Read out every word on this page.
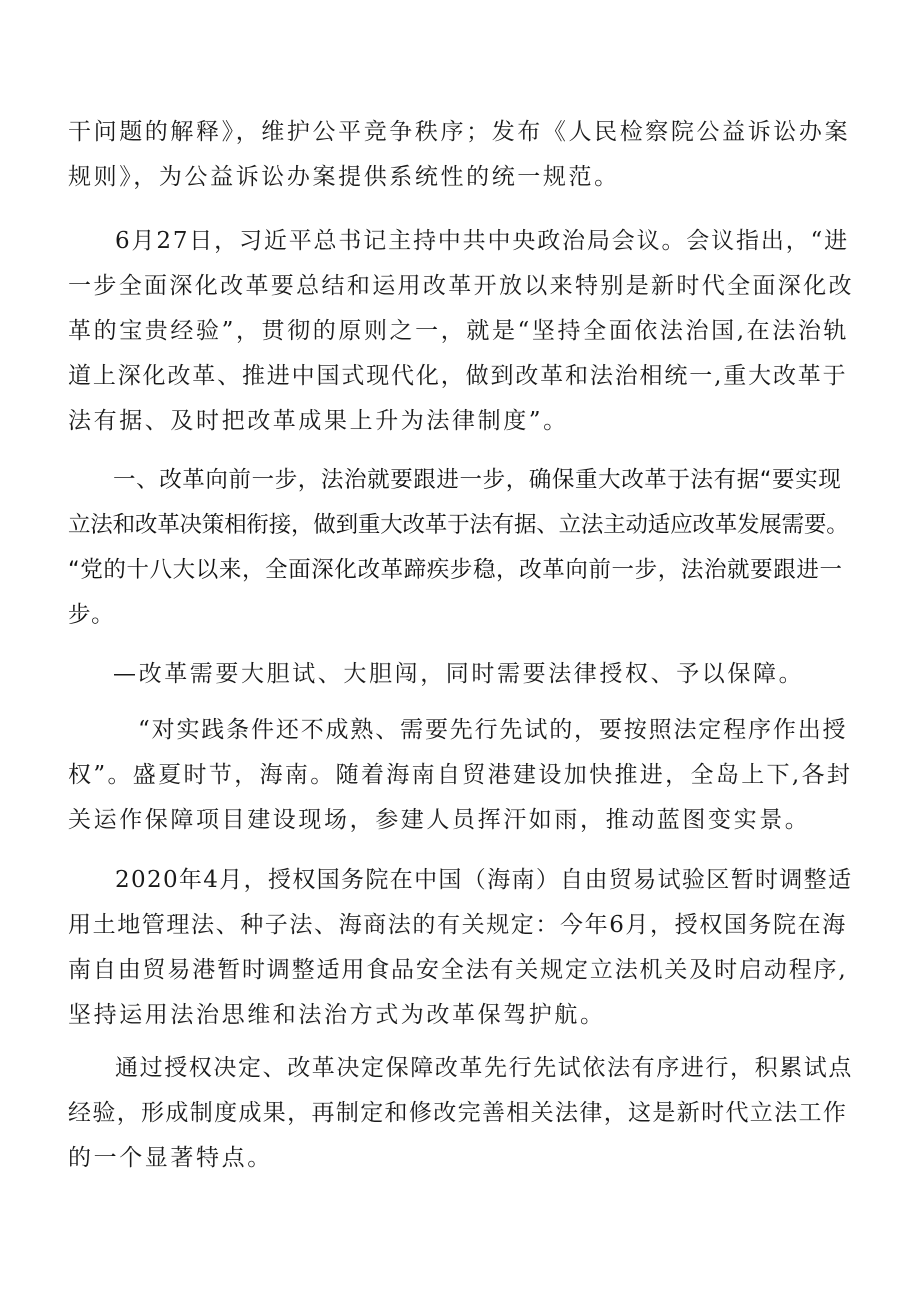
干问题的解释》，维护公平竞争秩序；发布《人民检察院公益诉讼办案
规则》，为公益诉讼办案提供系统性的统一规范。

6月27日，习近平总书记主持中共中央政治局会议。会议指出，“进
一步全面深化改革要总结和运用改革开放以来特别是新时代全面深化改
革的宝贵经验”，贯彻的原则之一，就是“坚持全面依法治国,在法治轨
道上深化改革、推进中国式现代化，做到改革和法治相统一,重大改革于
法有据、及时把改革成果上升为法律制度”。

一、改革向前一步，法治就要跟进一步，确保重大改革于法有据“要实现
立法和改革决策相衔接，做到重大改革于法有据、立法主动适应改革发展需要。
“党的十八大以来，全面深化改革蹄疾步稳，改革向前一步，法治就要跟进一
步。

—改革需要大胆试、大胆闯，同时需要法律授权、予以保障。

“对实践条件还不成熟、需要先行先试的，要按照法定程序作出授
权”。盛夏时节，海南。随着海南自贸港建设加快推进，全岛上下,各封
关运作保障项目建设现场，参建人员挥汗如雨，推动蓝图变实景。

2020年4月，授权国务院在中国（海南）自由贸易试验区暂时调整适
用土地管理法、种子法、海商法的有关规定：今年6月，授权国务院在海
南自由贸易港暂时调整适用食品安全法有关规定立法机关及时启动程序,
坚持运用法治思维和法治方式为改革保驾护航。

通过授权决定、改革决定保障改革先行先试依法有序进行，积累试点
经验，形成制度成果，再制定和修改完善相关法律，这是新时代立法工作
的一个显著特点。
